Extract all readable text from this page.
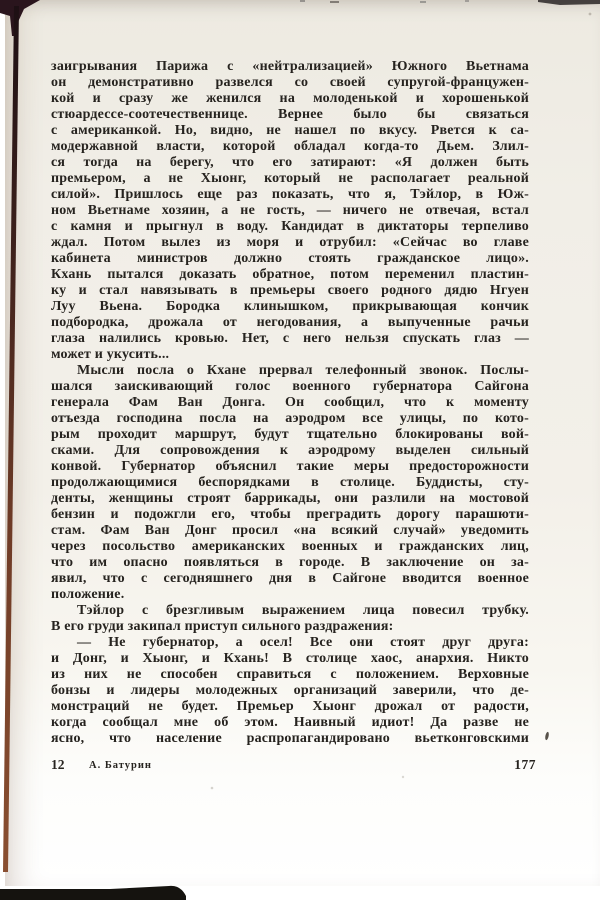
заигрывания Парижа с «нейтрализацией» Южного Вьетнама
он демонстративно развелся со своей супругой-францужен-
кой и сразу же женился на молоденькой и хорошенькой
стюардессе-соотечественнице. Вернее было бы связаться
с американкой. Но, видно, не нашел по вкусу. Рвется к са-
модержавной власти, которой обладал когда-то Дьем. Злил-
ся тогда на берегу, что его затирают: «Я должен быть
премьером, а не Хыонг, который не располагает реальной
силой». Пришлось еще раз показать, что я, Тэйлор, в Юж-
ном Вьетнаме хозяин, а не гость, — ничего не отвечая, встал
с камня и прыгнул в воду. Кандидат в диктаторы терпеливо
ждал. Потом вылез из моря и отрубил: «Сейчас во главе
кабинета министров должно стоять гражданское лицо».
Кхань пытался доказать обратное, потом переменил пластин-
ку и стал навязывать в премьеры своего родного дядю Нгуен
Луу Вьена. Бородка клинышком, прикрывающая кончик
подбородка, дрожала от негодования, а выпученные рачьи
глаза налились кровью. Нет, с него нельзя спускать глаз —
может и укусить...
Мысли посла о Кхане прервал телефонный звонок. Послы-
шался заискивающий голос военного губернатора Сайгона
генерала Фам Ван Донга. Он сообщил, что к моменту
отъезда господина посла на аэродром все улицы, по кото-
рым проходит маршрут, будут тщательно блокированы вой-
сками. Для сопровождения к аэродрому выделен сильный
конвой. Губернатор объяснил такие меры предосторожности
продолжающимися беспорядками в столице. Буддисты, сту-
денты, женщины строят баррикады, они разлили на мостовой
бензин и подожгли его, чтобы преградить дорогу парашюти-
стам. Фам Ван Донг просил «на всякий случай» уведомить
через посольство американских военных и гражданских лиц,
что им опасно появляться в городе. В заключение он за-
явил, что с сегодняшнего дня в Сайгоне вводится военное
положение.
Тэйлор с брезгливым выражением лица повесил трубку.
В его груди закипал приступ сильного раздражения:
— Не губернатор, а осел! Все они стоят друг друга:
и Донг, и Хыонг, и Кхань! В столице хаос, анархия. Никто
из них не способен справиться с положением. Верховные
бонзы и лидеры молодежных организаций заверили, что де-
монстраций не будет. Премьер Хыонг дрожал от радости,
когда сообщал мне об этом. Наивный идиот! Да разве не
ясно, что население распропагандировано вьетконговскими
12 А. Батурин	177
